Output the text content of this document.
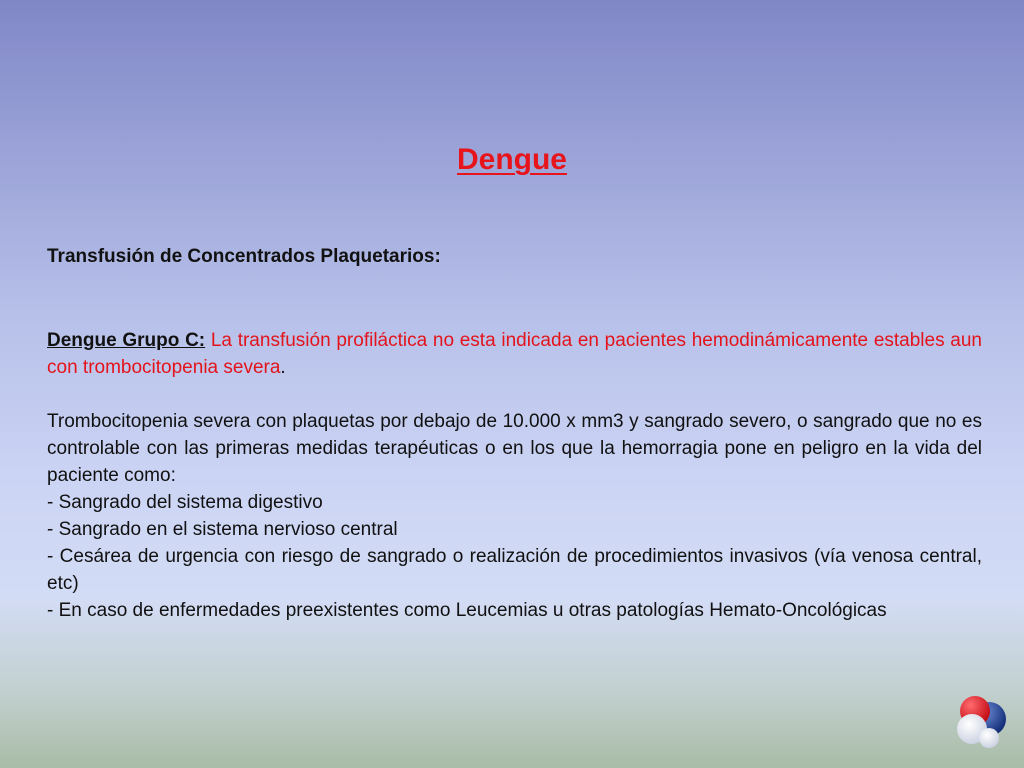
Dengue

Transfusión de Concentrados Plaquetarios:

Dengue Grupo C: La transfusión profiláctica no esta indicada en pacientes hemodinámicamente estables aun con trombocitopenia severa.

Trombocitopenia severa con plaquetas por debajo de 10.000 x mm3 y sangrado severo, o sangrado que no es controlable con las primeras medidas terapéuticas o en los que la hemorragia pone en peligro en la vida del paciente como:

- Sangrado del sistema digestivo
- Sangrado en el sistema nervioso central
- Cesárea de urgencia con riesgo de sangrado o realización de procedimientos invasivos (vía venosa central, etc)
- En caso de enfermedades preexistentes como Leucemias u otras patologías Hemato-Oncológicas
